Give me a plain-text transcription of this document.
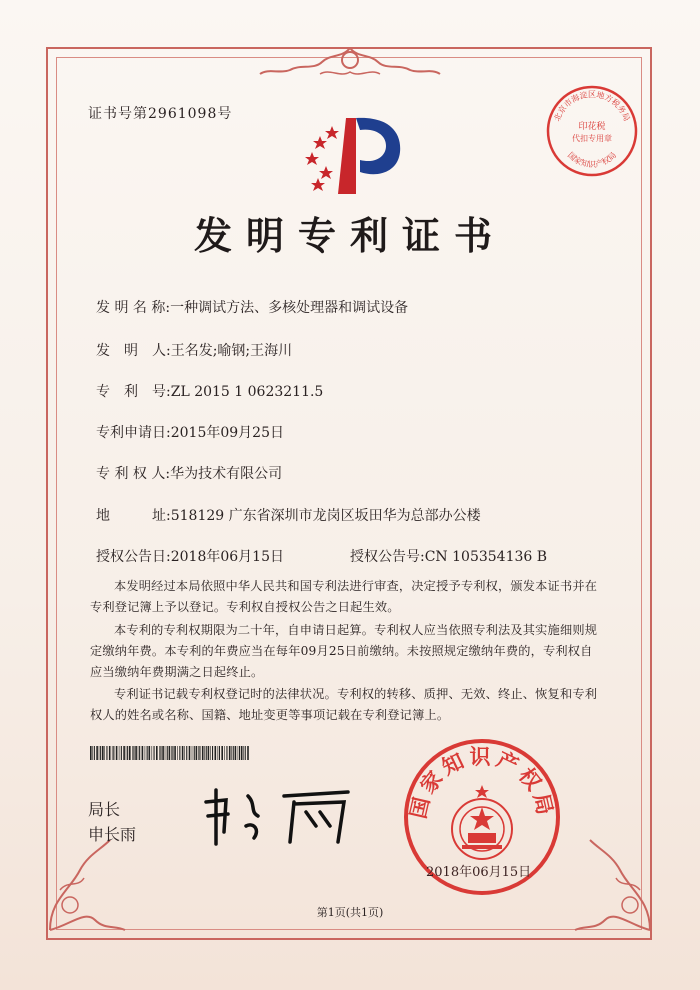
证书号第2961098号	北京市海淀区地方税务局
印花税
代扣专用章
国家知识产权局
发明专利证书
发 明 名 称:一种调试方法、多核处理器和调试设备
发　明　人:王名发;喻钢;王海川
专　利　号:ZL 2015 1 0623211.5
专利申请日:2015年09月25日
专 利 权 人:华为技术有限公司
地　　　址:518129 广东省深圳市龙岗区坂田华为总部办公楼
授权公告日:2018年06月15日	授权公告号:CN 105354136 B
本发明经过本局依照中华人民共和国专利法进行审查，决定授予专利权，颁发本证书并在专利登记簿上予以登记。专利权自授权公告之日起生效。
本专利的专利权期限为二十年，自申请日起算。专利权人应当依照专利法及其实施细则规定缴纳年费。本专利的年费应当在每年09月25日前缴纳。未按照规定缴纳年费的，专利权自应当缴纳年费期满之日起终止。
专利证书记载专利权登记时的法律状况。专利权的转移、质押、无效、终止、恢复和专利权人的姓名或名称、国籍、地址变更等事项记载在专利登记簿上。
局长
申长雨
国家知识产权局
2018年06月15日
第1页(共1页)
